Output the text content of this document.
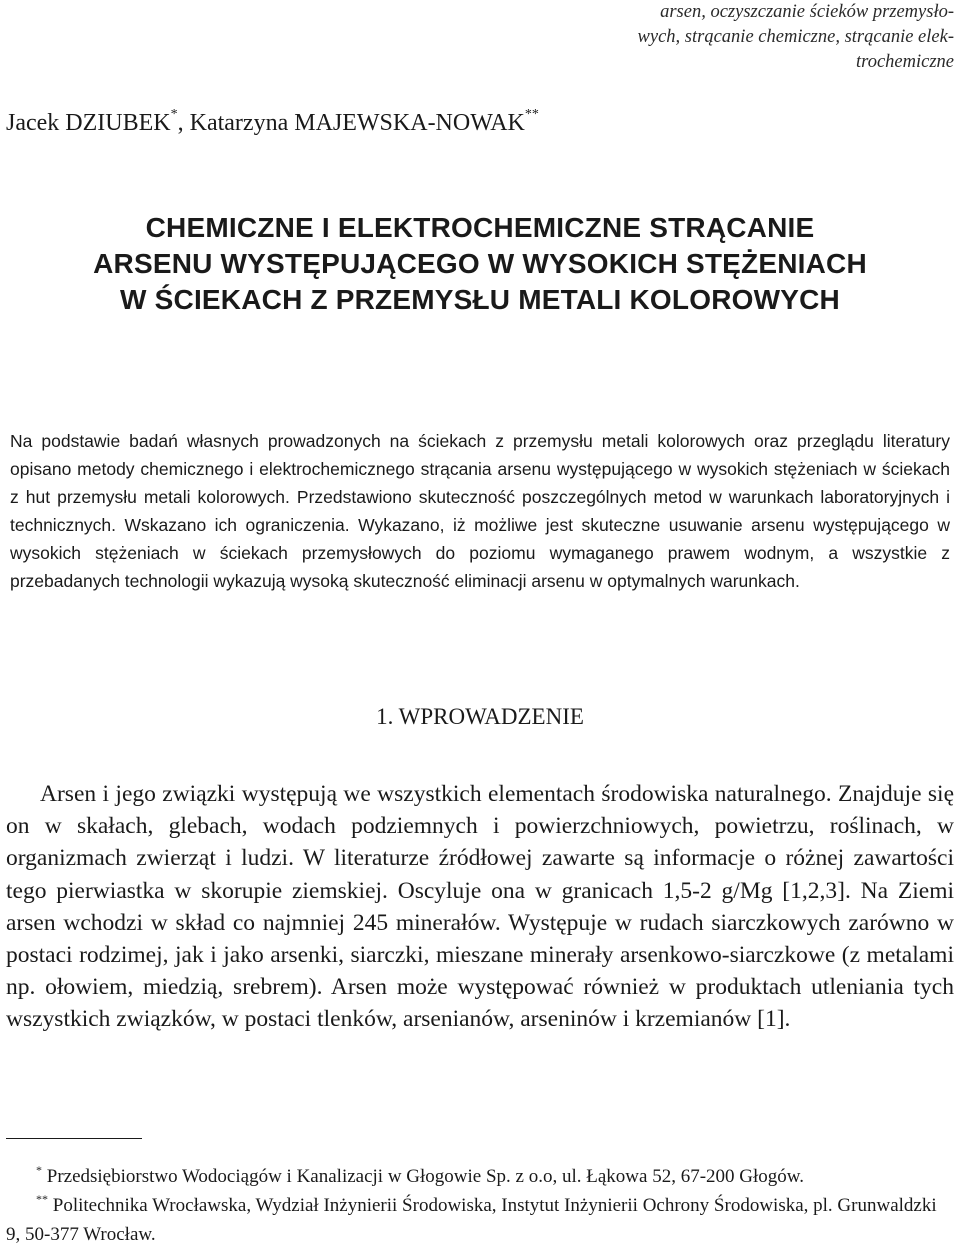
arsen, oczyszczanie ścieków przemysło-
wych, strącanie chemiczne, strącanie elek-
trochemiczne
Jacek DZIUBEK*, Katarzyna MAJEWSKA-NOWAK**
CHEMICZNE I ELEKTROCHEMICZNE STRĄCANIE
ARSENU WYSTĘPUJĄCEGO W WYSOKICH STĘŻENIACH
W ŚCIEKACH Z PRZEMYSŁU METALI KOLOROWYCH

Na podstawie badań własnych prowadzonych na ściekach z przemysłu metali kolorowych oraz przeglądu literatury opisano metody chemicznego i elektrochemicznego strącania arsenu występującego w wysokich stężeniach w ściekach z hut przemysłu metali kolorowych. Przedstawiono skuteczność poszczególnych metod w warunkach laboratoryjnych i technicznych. Wskazano ich ograniczenia. Wykazano, iż możliwe jest skuteczne usuwanie arsenu występującego w wysokich stężeniach w ściekach przemysłowych do poziomu wymaganego prawem wodnym, a wszystkie z przebadanych technologii wykazują wysoką skuteczność eliminacji arsenu w optymalnych warunkach.

1. WPROWADZENIE

Arsen i jego związki występują we wszystkich elementach środowiska naturalnego. Znajduje się on w skałach, glebach, wodach podziemnych i powierzchniowych, powietrzu, roślinach, w organizmach zwierząt i ludzi. W literaturze źródłowej zawarte są informacje o różnej zawartości tego pierwiastka w skorupie ziemskiej. Oscyluje ona w granicach 1,5-2 g/Mg [1,2,3]. Na Ziemi arsen wchodzi w skład co najmniej 245 minerałów. Występuje w rudach siarczkowych zarówno w postaci rodzimej, jak i jako arsenki, siarczki, mieszane minerały arsenkowo-siarczkowe (z metalami np. ołowiem, miedzią, srebrem). Arsen może występować również w produktach utleniania tych wszystkich związków, w postaci tlenków, arsenianów, arseninów i krzemianów [1].

* Przedsiębiorstwo Wodociągów i Kanalizacji w Głogowie Sp. z o.o, ul. Łąkowa 52, 67-200 Głogów.

** Politechnika Wrocławska, Wydział Inżynierii Środowiska, Instytut Inżynierii Ochrony Środowiska, pl. Grunwaldzki 9, 50-377 Wrocław.
